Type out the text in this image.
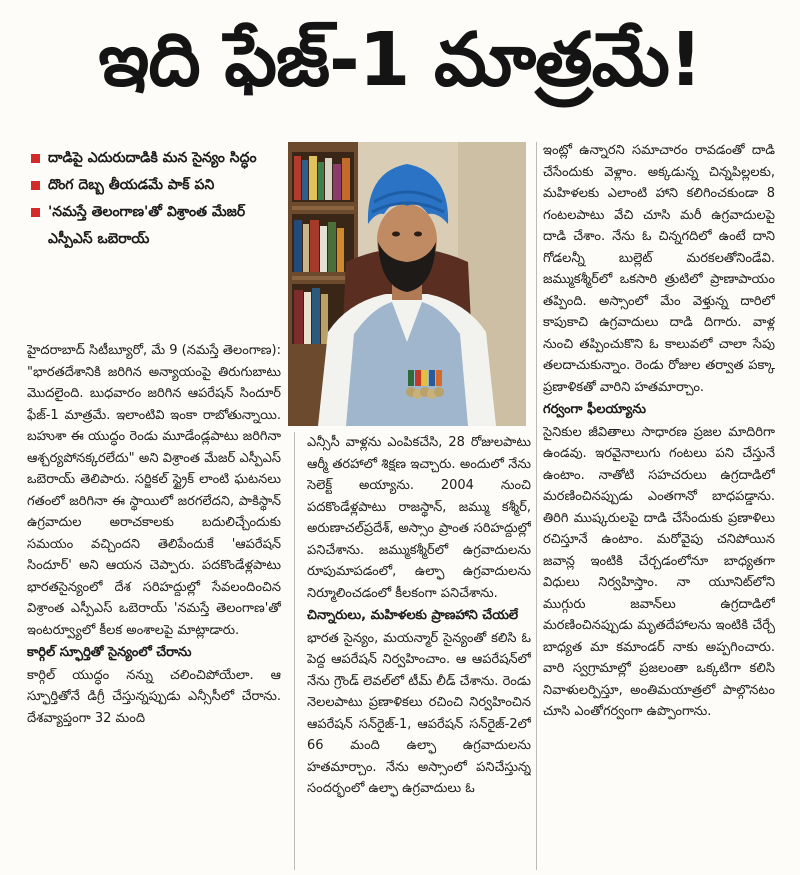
ఇది ఫేజ్‌-1 మాత్రమే!
దాడిపై ఎదురుదాడికి మన సైన్యం సిద్ధం
దొంగ దెబ్బ తీయడమే పాక్‌ పని
'నమస్తే తెలంగాణ'తో విశ్రాంత మేజర్‌ ఎస్పీఎస్‌ ఒబెరాయ్‌

హైదరాబాద్‌ సిటీబ్యూరో, మే 9 (నమస్తే తెలంగాణ): "భారతదేశానికి జరిగిన అన్యాయంపై తిరుగుబాటు మొదలైంది. బుధవారం జరిగిన ఆపరేషన్‌ సిందూర్‌ ఫేజ్‌-1 మాత్రమే. ఇలాంటివి ఇంకా రాబోతున్నాయి. బహుశా ఈ యుద్ధం రెండు మూడేండ్లపాటు జరిగినా ఆశ్చర్యపోనక్కరలేదు" అని విశ్రాంత మేజర్‌ ఎస్పీఎస్‌ ఒబెరాయ్‌ తెలిపారు. సర్జికల్‌ స్ట్రైక్‌ లాంటి ఘటనలు గతంలో జరిగినా ఈ స్థాయిలో జరగలేదని, పాకిస్థాన్‌ ఉగ్రవాదుల అరాచకాలకు బదులిచ్చేందుకు సమయం వచ్చిందని తెలిపేందుకే 'ఆపరేషన్‌ సిందూర్‌' అని ఆయన చెప్పారు. పదకొండేళ్లపాటు భారతసైన్యంలో దేశ సరిహద్దుల్లో సేవలందించిన విశ్రాంత ఎస్పీఎస్‌ ఒబెరాయ్‌ 'నమస్తే తెలంగాణ'తో ఇంటర్వ్యూలో కీలక అంశాలపై మాట్లాడారు.

కార్గిల్‌ స్ఫూర్తితో సైన్యంలో చేరాను

కార్గిల్‌ యుద్ధం నన్ను చలించిపోయేలా. ఆ స్ఫూర్తితోనే డిగ్రీ చేస్తున్నప్పుడు ఎన్సీసీలో చేరాను. దేశవ్యాప్తంగా 32 మంది

ఎన్సీసీ వాళ్లను ఎంపికచేసి, 28 రోజులపాటు ఆర్మీ తరహాలో శిక్షణ ఇచ్చారు. అందులో నేను సెలెక్ట్‌ అయ్యాను. 2004 నుంచి పదకొండేళ్లపాటు రాజస్థాన్‌, జమ్ము కశ్మీర్‌, అరుణాచల్‌ప్రదేశ్‌, అస్సాం ప్రాంత సరిహద్దుల్లో పనిచేశాను. జమ్ముకశ్మీర్‌లో ఉగ్రవాదులను రూపుమాపడంలో, ఉల్ఫా ఉగ్రవాదులను నిర్మూలించడంలో కీలకంగా పనిచేశాను.

చిన్నారులు, మహిళలకు ప్రాణహాని చేయలే

భారత సైన్యం, మయన్మార్‌ సైన్యంతో కలిసి ఓ పెద్ద ఆపరేషన్‌ నిర్వహించాం. ఆ ఆపరేషన్‌లో నేను గ్రౌండ్‌ లెవల్‌లో టీమ్‌ లీడ్‌ చేశాను. రెండు నెలలపాటు ప్రణాళికలు రచించి నిర్వహించిన ఆపరేషన్‌ సన్‌రైజ్‌-1, ఆపరేషన్‌ సన్‌రైజ్‌-2లో 66 మంది ఉల్ఫా ఉగ్రవాదులను హతమార్చాం. నేను అస్సాంలో పనిచేస్తున్న సందర్భంలో ఉల్ఫా ఉగ్రవాదులు ఓ

ఇంట్లో ఉన్నారని సమాచారం రావడంతో దాడి చేసేందుకు వెళ్లాం. అక్కడున్న చిన్నపిల్లలకు, మహిళలకు ఎలాంటి హాని కలిగించకుండా 8 గంటలపాటు వేచి చూసి మరీ ఉగ్రవాదులపై దాడి చేశాం. నేను ఓ చిన్నగదిలో ఉంటే దాని గోడలన్నీ బుల్లెట్‌ మరకలతోనిండేవి. జమ్ముకశ్మీర్‌లో ఒకసారి త్రుటిలో ప్రాణాపాయం తప్పింది. అస్సాంలో మేం వెళ్తున్న దారిలో కాపుకాచి ఉగ్రవాదులు దాడి దిగారు. వాళ్ల నుంచి తప్పించుకొని ఓ కాలువలో చాలా సేపు తలదాచుకున్నాం. రెండు రోజుల తర్వాత పక్కా ప్రణాళికతో వారిని హతమార్చాం.

గర్వంగా ఫీలయ్యాను

సైనికుల జీవితాలు సాధారణ ప్రజల మాదిరిగా ఉండవు. ఇరవైనాలుగు గంటలు పని చేస్తునే ఉంటాం. నాతోటి సహచరులు ఉగ్రదాడిలో మరణించినప్పుడు ఎంతగానో బాధపడ్డాను. తిరిగి ముష్కరులపై దాడి చేసేందుకు ప్రణాళిలు రచిస్తూనే ఉంటాం. మరోవైపు చనిపోయిన జవాన్ల ఇంటికి చేర్చడంలోనూ బాధ్యతగా విధులు నిర్వహిస్తాం. నా యూనిట్‌లోని ముగ్గురు జవాన్‌లు ఉగ్రదాడిలో మరణించినప్పుడు మృతదేహాలను ఇంటికి చేర్చే బాధ్యత మా కమాండర్‌ నాకు అప్పగించారు. వారి స్వగ్రామాల్లో ప్రజలంతా ఒక్కటిగా కలిసి నివాళులర్పిస్తూ, అంతిమయాత్రలో పాల్గొనటం చూసి ఎంతోగర్వంగా ఉప్పొంగాను.
